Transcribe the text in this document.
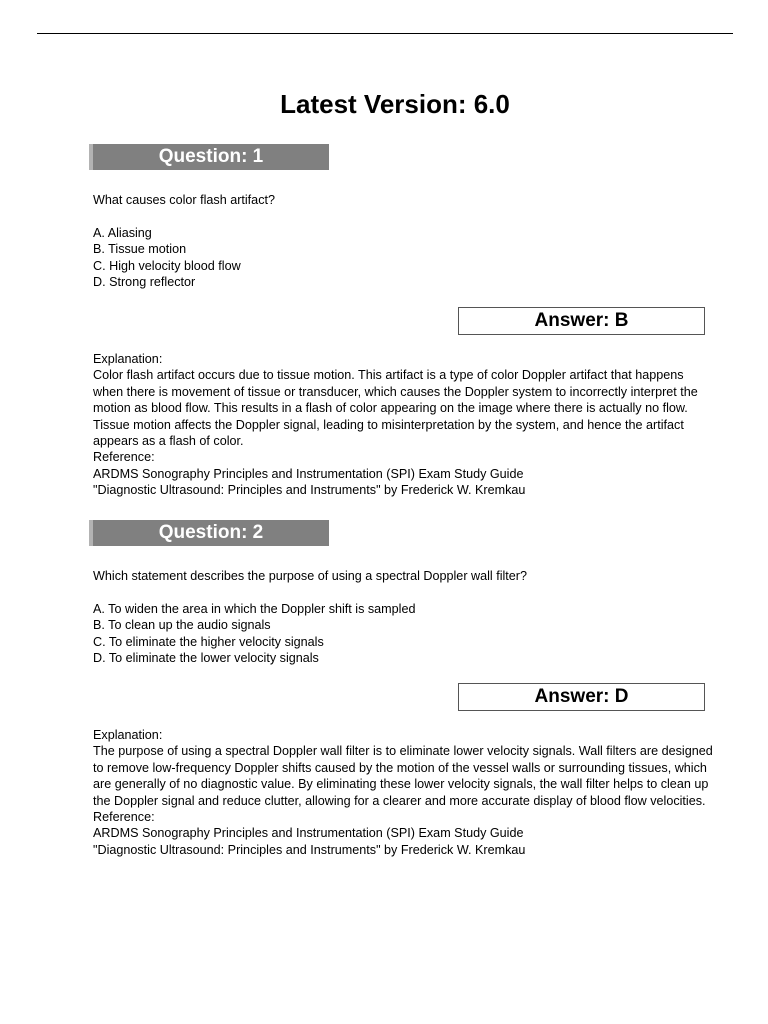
Latest Version: 6.0
Question: 1

What causes color flash artifact?

A. Aliasing
B. Tissue motion
C. High velocity blood flow
D. Strong reflector
Answer: B

Explanation:

Color flash artifact occurs due to tissue motion. This artifact is a type of color Doppler artifact that happens when there is movement of tissue or transducer, which causes the Doppler system to incorrectly interpret the motion as blood flow. This results in a flash of color appearing on the image where there is actually no flow. Tissue motion affects the Doppler signal, leading to misinterpretation by the system, and hence the artifact appears as a flash of color.

Reference:

ARDMS Sonography Principles and Instrumentation (SPI) Exam Study Guide

"Diagnostic Ultrasound: Principles and Instruments" by Frederick W. Kremkau

Question: 2

Which statement describes the purpose of using a spectral Doppler wall filter?

A. To widen the area in which the Doppler shift is sampled
B. To clean up the audio signals
C. To eliminate the higher velocity signals
D. To eliminate the lower velocity signals
Answer: D

Explanation:

The purpose of using a spectral Doppler wall filter is to eliminate lower velocity signals. Wall filters are designed to remove low-frequency Doppler shifts caused by the motion of the vessel walls or surrounding tissues, which are generally of no diagnostic value. By eliminating these lower velocity signals, the wall filter helps to clean up the Doppler signal and reduce clutter, allowing for a clearer and more accurate display of blood flow velocities.

Reference:

ARDMS Sonography Principles and Instrumentation (SPI) Exam Study Guide

"Diagnostic Ultrasound: Principles and Instruments" by Frederick W. Kremkau
